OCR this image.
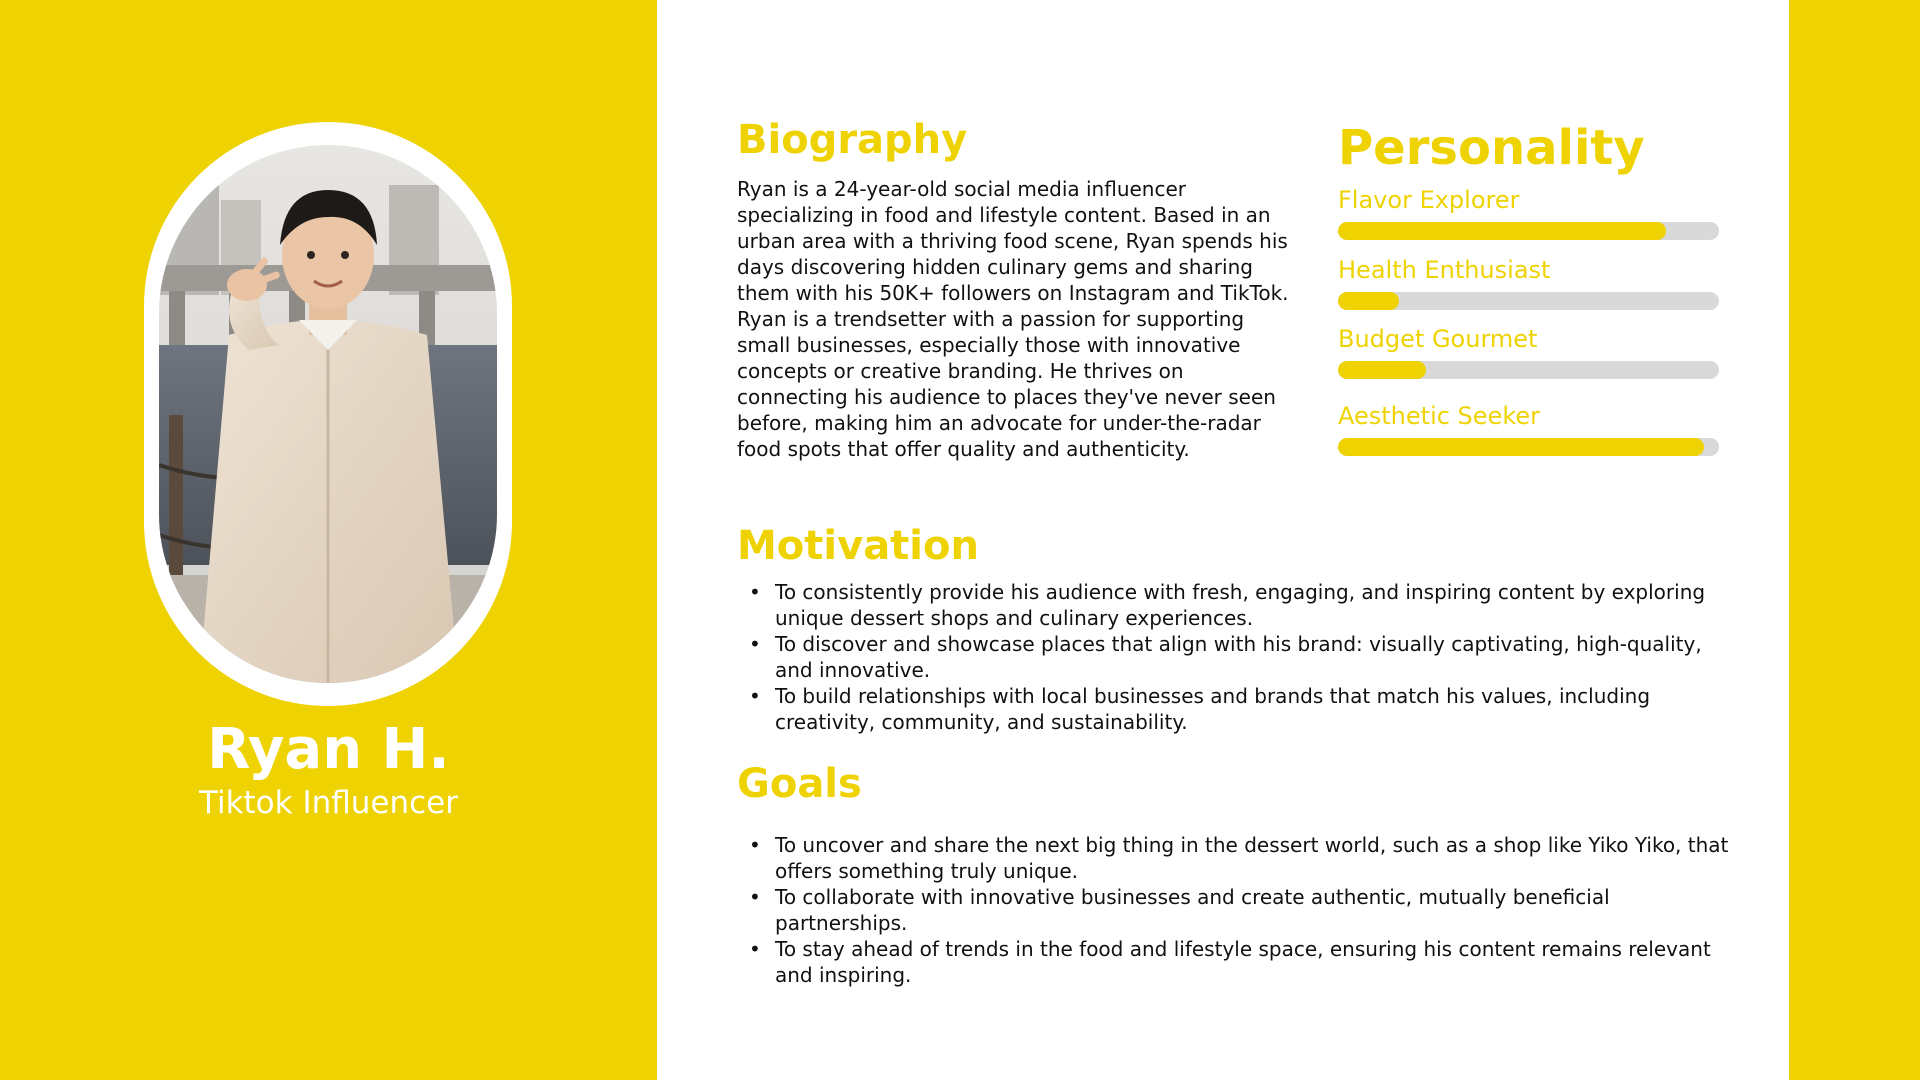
Ryan H.
Tiktok Influencer
Biography

Ryan is a 24-year-old social media influencer specializing in food and lifestyle content. Based in an urban area with a thriving food scene, Ryan spends his days discovering hidden culinary gems and sharing them with his 50K+ followers on Instagram and TikTok. Ryan is a trendsetter with a passion for supporting small businesses, especially those with innovative concepts or creative branding. He thrives on connecting his audience to places they've never seen before, making him an advocate for under-the-radar food spots that offer quality and authenticity.

Personality
Flavor Explorer
Health Enthusiast
Budget Gourmet
Aesthetic Seeker
Motivation
• To consistently provide his audience with fresh, engaging, and inspiring content by exploring unique dessert shops and culinary experiences.
• To discover and showcase places that align with his brand: visually captivating, high-quality, and innovative.
• To build relationships with local businesses and brands that match his values, including creativity, community, and sustainability.
Goals
• To uncover and share the next big thing in the dessert world, such as a shop like Yiko Yiko, that offers something truly unique.
• To collaborate with innovative businesses and create authentic, mutually beneficial partnerships.
• To stay ahead of trends in the food and lifestyle space, ensuring his content remains relevant and inspiring.
